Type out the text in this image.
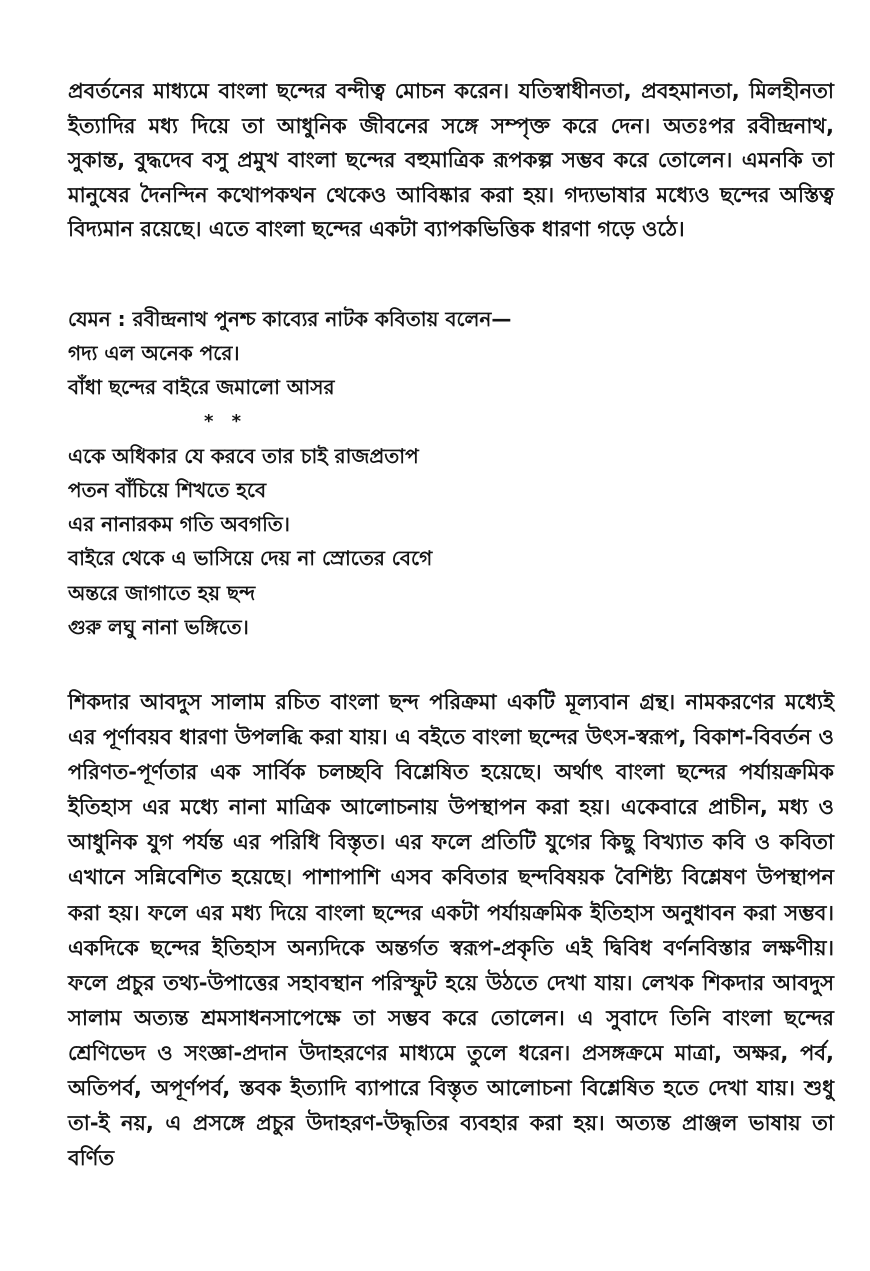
প্রবর্তনের মাধ্যমে বাংলা ছন্দের বন্দীত্ব মোচন করেন। যতিস্বাধীনতা, প্রবহমানতা, মিলহীনতা ইত্যাদির মধ্য দিয়ে তা আধুনিক জীবনের সঙ্গে সম্পৃক্ত করে দেন। অতঃপর রবীন্দ্রনাথ, সুকান্ত, বুদ্ধদেব বসু প্রমুখ বাংলা ছন্দের বহুমাত্রিক রূপকল্প সম্ভব করে তোলেন। এমনকি তা মানুষের দৈনন্দিন কথোপকথন থেকেও আবিষ্কার করা হয়। গদ্যভাষার মধ্যেও ছন্দের অস্তিত্ব বিদ্যমান রয়েছে। এতে বাংলা ছন্দের একটা ব্যাপকভিত্তিক ধারণা গড়ে ওঠে।

যেমন : রবীন্দ্রনাথ পুনশ্চ কাব্যের নাটক কবিতায় বলেন—
গদ্য এল অনেক পরে।
বাঁধা ছন্দের বাইরে জমালো আসর
* *
একে অধিকার যে করবে তার চাই রাজপ্রতাপ
পতন বাঁচিয়ে শিখতে হবে
এর নানারকম গতি অবগতি।
বাইরে থেকে এ ভাসিয়ে দেয় না স্রোতের বেগে
অন্তরে জাগাতে হয় ছন্দ
গুরু লঘু নানা ভঙ্গিতে।

শিকদার আবদুস সালাম রচিত বাংলা ছন্দ পরিক্রমা একটি মূল্যবান গ্রন্থ। নামকরণের মধ্যেই এর পূর্ণাবয়ব ধারণা উপলব্ধি করা যায়। এ বইতে বাংলা ছন্দের উৎস-স্বরূপ, বিকাশ-বিবর্তন ও পরিণত-পূর্ণতার এক সার্বিক চলচ্ছবি বিশ্লেষিত হয়েছে। অর্থাৎ বাংলা ছন্দের পর্যায়ক্রমিক ইতিহাস এর মধ্যে নানা মাত্রিক আলোচনায় উপস্থাপন করা হয়। একেবারে প্রাচীন, মধ্য ও আধুনিক যুগ পর্যন্ত এর পরিধি বিস্তৃত। এর ফলে প্রতিটি যুগের কিছু বিখ্যাত কবি ও কবিতা এখানে সন্নিবেশিত হয়েছে। পাশাপাশি এসব কবিতার ছন্দবিষয়ক বৈশিষ্ট্য বিশ্লেষণ উপস্থাপন করা হয়। ফলে এর মধ্য দিয়ে বাংলা ছন্দের একটা পর্যায়ক্রমিক ইতিহাস অনুধাবন করা সম্ভব। একদিকে ছন্দের ইতিহাস অন্যদিকে অন্তর্গত স্বরূপ-প্রকৃতি এই দ্বিবিধ বর্ণনবিস্তার লক্ষণীয়। ফলে প্রচুর তথ্য-উপাত্তের সহাবস্থান পরিস্ফুট হয়ে উঠতে দেখা যায়। লেখক শিকদার আবদুস সালাম অত্যন্ত শ্রমসাধনসাপেক্ষে তা সম্ভব করে তোলেন। এ সুবাদে তিনি বাংলা ছন্দের শ্রেণিভেদ ও সংজ্ঞা-প্রদান উদাহরণের মাধ্যমে তুলে ধরেন। প্রসঙ্গক্রমে মাত্রা, অক্ষর, পর্ব, অতিপর্ব, অপূর্ণপর্ব, স্তবক ইত্যাদি ব্যাপারে বিস্তৃত আলোচনা বিশ্লেষিত হতে দেখা যায়। শুধু তা-ই নয়, এ প্রসঙ্গে প্রচুর উদাহরণ-উদ্ধৃতির ব্যবহার করা হয়। অত্যন্ত প্রাঞ্জল ভাষায় তা বর্ণিত
